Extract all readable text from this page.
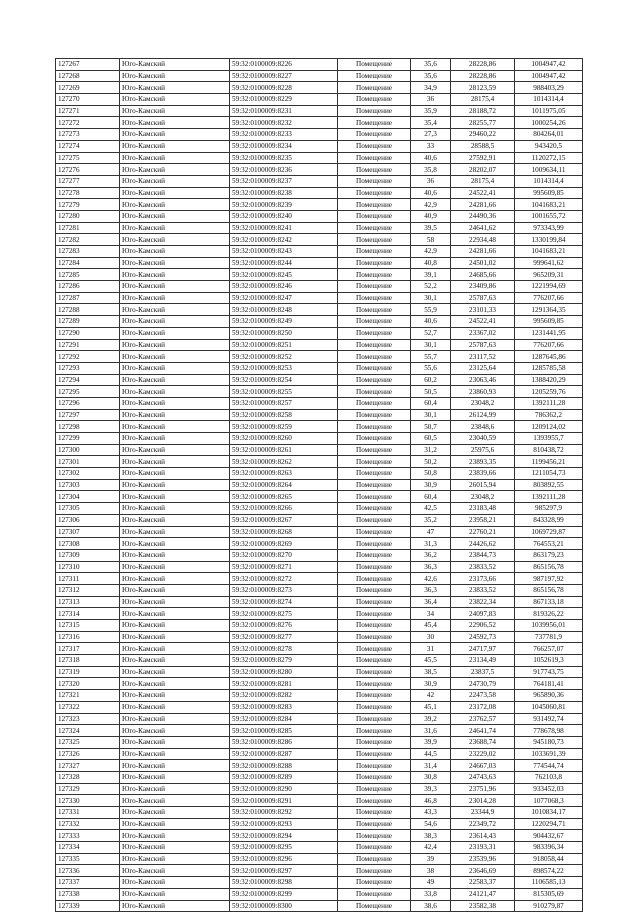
127267	Юго-Камский	59:32:0100009:8226	Помещение	35,6	28228,86	1004947,42
127268	Юго-Камский	59:32:0100009:8227	Помещение	35,6	28228,86	1004947,42
127269	Юго-Камский	59:32:0100009:8228	Помещение	34,9	28123,59	988403,29
127270	Юго-Камский	59:32:0100009:8229	Помещение	36	28175,4	1014314,4
127271	Юго-Камский	59:32:0100009:8231	Помещение	35,9	28188,72	1011975,05
127272	Юго-Камский	59:32:0100009:8232	Помещение	35,4	28255,77	1000254,26
127273	Юго-Камский	59:32:0100009:8233	Помещение	27,3	29460,22	804264,01
127274	Юго-Камский	59:32:0100009:8234	Помещение	33	28588,5	943420,5
127275	Юго-Камский	59:32:0100009:8235	Помещение	40,6	27592,91	1120272,15
127276	Юго-Камский	59:32:0100009:8236	Помещение	35,8	28202,07	1009634,11
127277	Юго-Камский	59:32:0100009:8237	Помещение	36	28175,4	1014314,4
127278	Юго-Камский	59:32:0100009:8238	Помещение	40,6	24522,41	995609,85
127279	Юго-Камский	59:32:0100009:8239	Помещение	42,9	24281,66	1041683,21
127280	Юго-Камский	59:32:0100009:8240	Помещение	40,9	24490,36	1001655,72
127281	Юго-Камский	59:32:0100009:8241	Помещение	39,5	24641,62	973343,99
127282	Юго-Камский	59:32:0100009:8242	Помещение	58	22934,48	1330199,84
127283	Юго-Камский	59:32:0100009:8243	Помещение	42,9	24281,66	1041683,21
127284	Юго-Камский	59:32:0100009:8244	Помещение	40,8	24501,02	999641,62
127285	Юго-Камский	59:32:0100009:8245	Помещение	39,1	24685,66	965209,31
127286	Юго-Камский	59:32:0100009:8246	Помещение	52,2	23409,86	1221994,69
127287	Юго-Камский	59:32:0100009:8247	Помещение	30,1	25787,63	776207,66
127288	Юго-Камский	59:32:0100009:8248	Помещение	55,9	23101,33	1291364,35
127289	Юго-Камский	59:32:0100009:8249	Помещение	40,6	24522,41	995609,85
127290	Юго-Камский	59:32:0100009:8250	Помещение	52,7	23367,02	1231441,95
127291	Юго-Камский	59:32:0100009:8251	Помещение	30,1	25787,63	776207,66
127292	Юго-Камский	59:32:0100009:8252	Помещение	55,7	23117,52	1287645,86
127293	Юго-Камский	59:32:0100009:8253	Помещение	55,6	23125,64	1285785,58
127294	Юго-Камский	59:32:0100009:8254	Помещение	60,2	23063,46	1388420,29
127295	Юго-Камский	59:32:0100009:8255	Помещение	50,5	23860,93	1205259,76
127296	Юго-Камский	59:32:0100009:8257	Помещение	60,4	23048,2	1392111,28
127297	Юго-Камский	59:32:0100009:8258	Помещение	30,1	26124,99	786362,2
127298	Юго-Камский	59:32:0100009:8259	Помещение	50,7	23848,6	1209124,02
127299	Юго-Камский	59:32:0100009:8260	Помещение	60,5	23040,59	1393955,7
127300	Юго-Камский	59:32:0100009:8261	Помещение	31,2	25975,6	810438,72
127301	Юго-Камский	59:32:0100009:8262	Помещение	50,2	23893,35	1199456,21
127302	Юго-Камский	59:32:0100009:8263	Помещение	50,8	23839,66	1211054,73
127303	Юго-Камский	59:32:0100009:8264	Помещение	30,9	26015,94	803892,55
127304	Юго-Камский	59:32:0100009:8265	Помещение	60,4	23048,2	1392111,28
127305	Юго-Камский	59:32:0100009:8266	Помещение	42,5	23183,48	985297,9
127306	Юго-Камский	59:32:0100009:8267	Помещение	35,2	23958,21	843328,99
127307	Юго-Камский	59:32:0100009:8268	Помещение	47	22760,21	1069729,87
127308	Юго-Камский	59:32:0100009:8269	Помещение	31,3	24426,62	764553,21
127309	Юго-Камский	59:32:0100009:8270	Помещение	36,2	23844,73	863179,23
127310	Юго-Камский	59:32:0100009:8271	Помещение	36,3	23833,52	865156,78
127311	Юго-Камский	59:32:0100009:8272	Помещение	42,6	23173,66	987197,92
127312	Юго-Камский	59:32:0100009:8273	Помещение	36,3	23833,52	865156,78
127313	Юго-Камский	59:32:0100009:8274	Помещение	36,4	23822,34	867133,18
127314	Юго-Камский	59:32:0100009:8275	Помещение	34	24097,83	819326,22
127315	Юго-Камский	59:32:0100009:8276	Помещение	45,4	22906,52	1039956,01
127316	Юго-Камский	59:32:0100009:8277	Помещение	30	24592,73	737781,9
127317	Юго-Камский	59:32:0100009:8278	Помещение	31	24717,97	766257,07
127318	Юго-Камский	59:32:0100009:8279	Помещение	45,5	23134,49	1052619,3
127319	Юго-Камский	59:32:0100009:8280	Помещение	38,5	23837,5	917743,75
127320	Юго-Камский	59:32:0100009:8281	Помещение	30,9	24730,79	764181,41
127321	Юго-Камский	59:32:0100009:8282	Помещение	42	22473,58	965890,36
127322	Юго-Камский	59:32:0100009:8283	Помещение	45,1	23172,08	1045060,81
127323	Юго-Камский	59:32:0100009:8284	Помещение	39,2	23762,57	931492,74
127324	Юго-Камский	59:32:0100009:8285	Помещение	31,6	24641,74	778678,98
127325	Юго-Камский	59:32:0100009:8286	Помещение	39,9	23688,74	945180,73
127326	Юго-Камский	59:32:0100009:8287	Помещение	44,5	23229,02	1033691,39
127327	Юго-Камский	59:32:0100009:8288	Помещение	31,4	24667,03	774544,74
127328	Юго-Камский	59:32:0100009:8289	Помещение	30,8	24743,63	762103,8
127329	Юго-Камский	59:32:0100009:8290	Помещение	39,3	23751,96	933452,03
127330	Юго-Камский	59:32:0100009:8291	Помещение	46,8	23014,28	1077068,3
127331	Юго-Камский	59:32:0100009:8292	Помещение	43,3	23344,9	1010834,17
127332	Юго-Камский	59:32:0100009:8293	Помещение	54,6	22349,72	1220294,71
127333	Юго-Камский	59:32:0100009:8294	Помещение	38,3	23614,43	904432,67
127334	Юго-Камский	59:32:0100009:8295	Помещение	42,4	23193,31	983396,34
127335	Юго-Камский	59:32:0100009:8296	Помещение	39	23539,96	918058,44
127336	Юго-Камский	59:32:0100009:8297	Помещение	38	23646,69	898574,22
127337	Юго-Камский	59:32:0100009:8298	Помещение	49	22583,37	1106585,13
127338	Юго-Камский	59:32:0100009:8299	Помещение	33,8	24121,47	815305,69
127339	Юго-Камский	59:32:0100009:8300	Помещение	38,6	23582,38	910279,87
